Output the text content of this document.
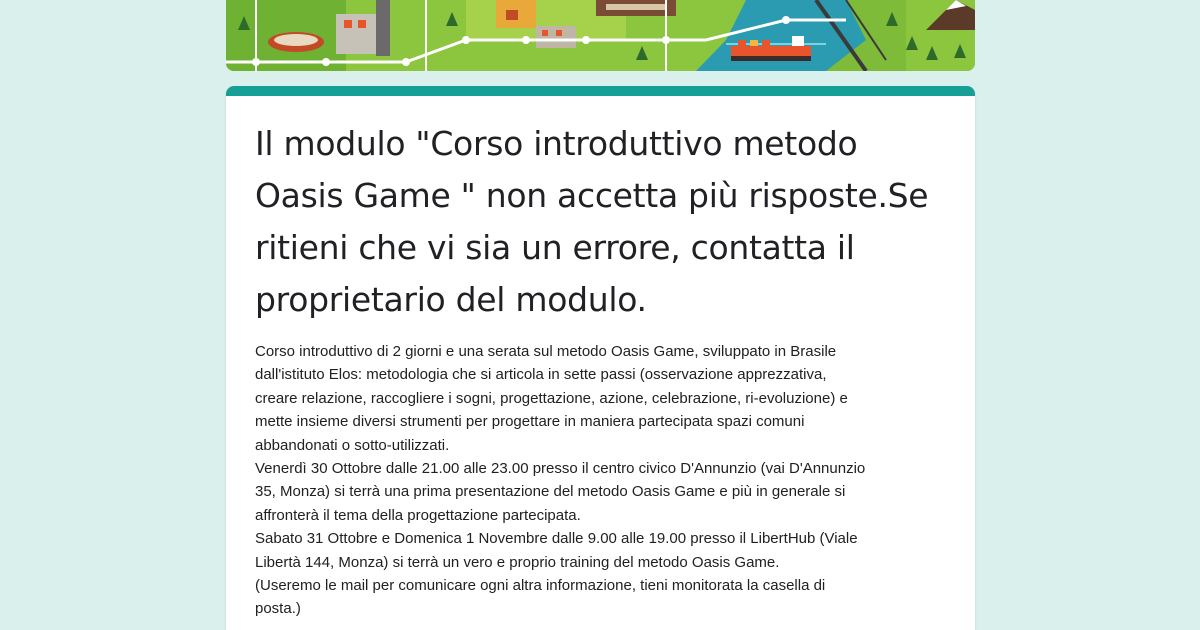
Il modulo "Corso introduttivo metodo Oasis Game " non accetta più risposte.Se ritieni che vi sia un errore, contatta il proprietario del modulo.

Corso introduttivo di 2 giorni e una serata sul metodo Oasis Game, sviluppato in Brasile

dall'istituto Elos: metodologia che si articola in sette passi (osservazione apprezzativa,

creare relazione, raccogliere i sogni, progettazione, azione, celebrazione, ri-evoluzione) e

mette insieme diversi strumenti per progettare in maniera partecipata spazi comuni

abbandonati o sotto-utilizzati.

Venerdì 30 Ottobre dalle 21.00 alle 23.00 presso il centro civico D'Annunzio (vai D'Annunzio

35, Monza) si terrà una prima presentazione del metodo Oasis Game e più in generale si

affronterà il tema della progettazione partecipata.

Sabato 31 Ottobre e Domenica 1 Novembre dalle 9.00 alle 19.00 presso il LibertHub (Viale

Libertà 144, Monza) si terrà un vero e proprio training del metodo Oasis Game.

(Useremo le mail per comunicare ogni altra informazione, tieni monitorata la casella di

posta.)
